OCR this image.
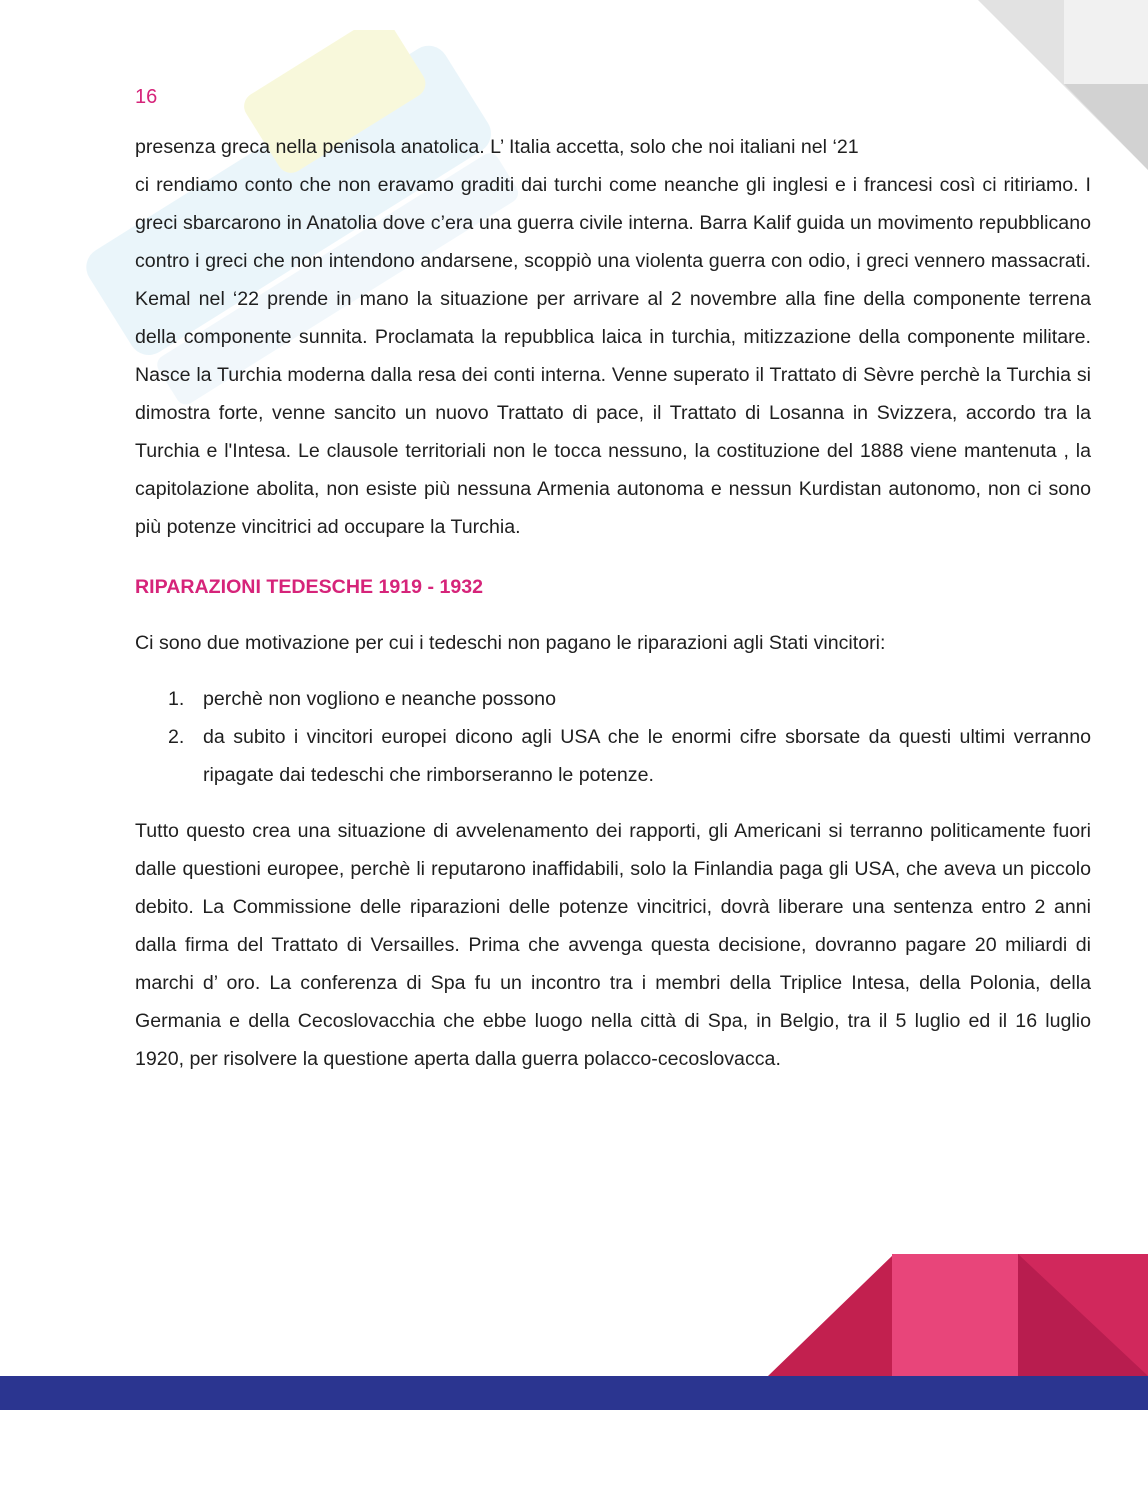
16

presenza greca nella penisola anatolica. L’ Italia accetta, solo che noi italiani nel ‘21

ci rendiamo conto che non eravamo graditi dai turchi come neanche gli inglesi e i francesi così ci ritiriamo. I greci sbarcarono in Anatolia dove c’era una guerra civile interna. Barra Kalif guida un movimento repubblicano contro i greci che non intendono andarsene, scoppiò una violenta guerra con odio, i greci vennero massacrati. Kemal nel ‘22 prende in mano la situazione per arrivare al 2 novembre alla fine della componente terrena della componente sunnita. Proclamata la repubblica laica in turchia, mitizzazione della componente militare. Nasce la Turchia moderna dalla resa dei conti interna. Venne superato il Trattato di Sèvre perchè la Turchia si dimostra forte, venne sancito un nuovo Trattato di pace, il Trattato di Losanna in Svizzera, accordo tra la Turchia e l'Intesa. Le clausole territoriali non le tocca nessuno, la costituzione del 1888 viene mantenuta , la capitolazione abolita, non esiste più nessuna Armenia autonoma e nessun Kurdistan autonomo, non ci sono più potenze vincitrici ad occupare la Turchia.

RIPARAZIONI TEDESCHE 1919 - 1932

Ci sono due motivazione per cui i tedeschi non pagano le riparazioni agli Stati vincitori:

1. perchè non vogliono e neanche possono
2. da subito i vincitori europei dicono agli USA che le enormi cifre sborsate da questi ultimi verranno ripagate dai tedeschi che rimborseranno le potenze.

Tutto questo crea una situazione di avvelenamento dei rapporti, gli Americani si terranno politicamente fuori dalle questioni europee, perchè li reputarono inaffidabili, solo la Finlandia paga gli USA, che aveva un piccolo debito. La Commissione delle riparazioni delle potenze vincitrici, dovrà liberare una sentenza entro 2 anni dalla firma del Trattato di Versailles. Prima che avvenga questa decisione, dovranno pagare 20 miliardi di marchi d’ oro. La conferenza di Spa fu un incontro tra i membri della Triplice Intesa, della Polonia, della Germania e della Cecoslovacchia che ebbe luogo nella città di Spa, in Belgio, tra il 5 luglio ed il 16 luglio 1920, per risolvere la questione aperta dalla guerra polacco-cecoslovacca.
